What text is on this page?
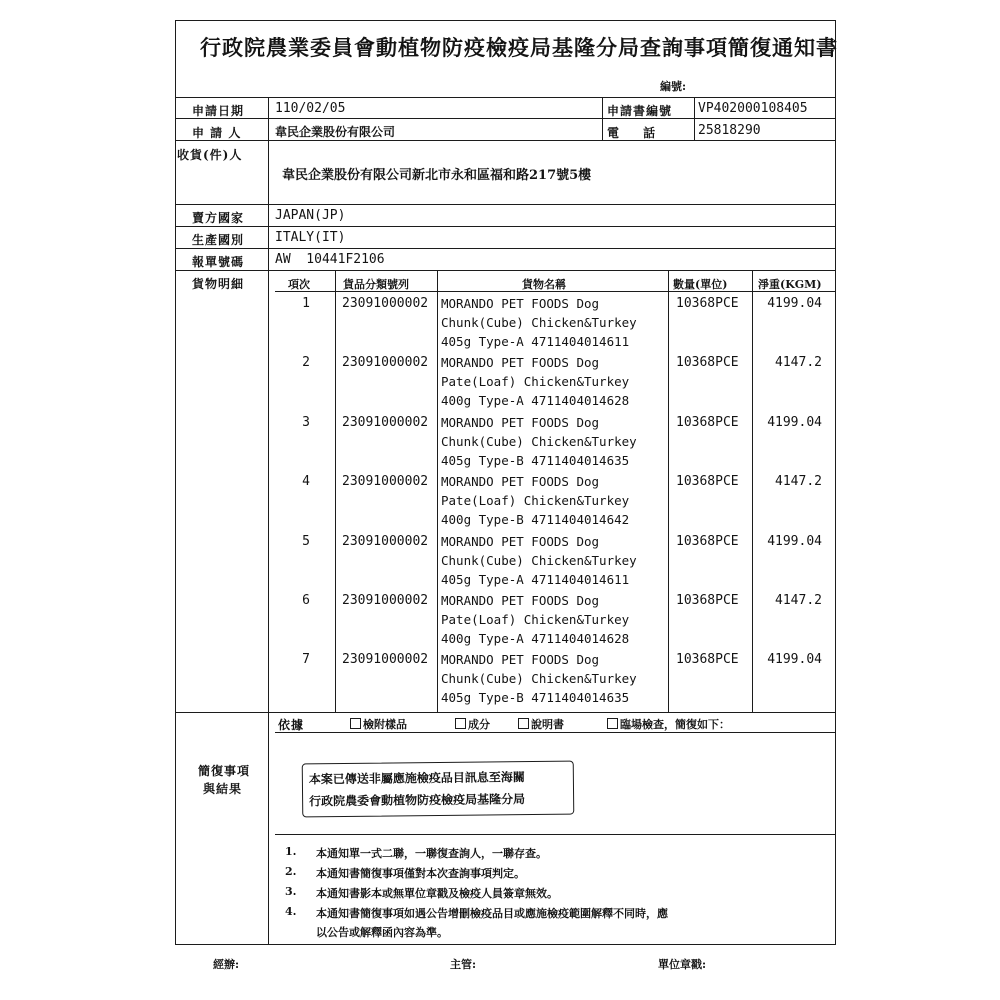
行政院農業委員會動植物防疫檢疫局基隆分局查詢事項簡復通知書
編號:
申請日期 110/02/05	申請書編號 VP402000108405
申 請 人	韋民企業股份有限公司	電 話	25818290
收貨(件)人
韋民企業股份有限公司新北市永和區福和路217號5樓
賣方國家 JAPAN(JP)
生產國別 ITALY(IT)
報單號碼 AW  10441F2106
貨物明細	項次	貨品分類號列	貨物名稱	數量(單位)	淨重(KGM)
1 23091000002 MORANDO PET FOODS Dog
Chunk(Cube) Chicken&Turkey
405g Type-A 4711404014611
10368PCE	4199.04
2 23091000002 MORANDO PET FOODS Dog
Pate(Loaf) Chicken&Turkey
400g Type-A 4711404014628
10368PCE	4147.2
3 23091000002 MORANDO PET FOODS Dog
Chunk(Cube) Chicken&Turkey
405g Type-B 4711404014635
10368PCE	4199.04
4 23091000002 MORANDO PET FOODS Dog
Pate(Loaf) Chicken&Turkey
400g Type-B 4711404014642
10368PCE	4147.2
5 23091000002 MORANDO PET FOODS Dog
Chunk(Cube) Chicken&Turkey
405g Type-A 4711404014611
10368PCE	4199.04
6 23091000002 MORANDO PET FOODS Dog
Pate(Loaf) Chicken&Turkey
400g Type-A 4711404014628
10368PCE	4147.2
7 23091000002 MORANDO PET FOODS Dog
Chunk(Cube) Chicken&Turkey
405g Type-B 4711404014635
10368PCE	4199.04
依據	檢附樣品	成分	說明書	臨場檢查，簡復如下：
簡復事項
與結果
本案已傳送非屬應施檢疫品目訊息至海關
行政院農委會動植物防疫檢疫局基隆分局
1. 本通知單一式二聯，一聯復查詢人，一聯存查。
2. 本通知書簡復事項僅對本次查詢事項判定。
3. 本通知書影本或無單位章戳及檢疫人員簽章無效。
4. 本通知書簡復事項如遇公告增刪檢疫品目或應施檢疫範圍解釋不同時，應
以公告或解釋函內容為準。
經辦:	主管:	單位章戳:
